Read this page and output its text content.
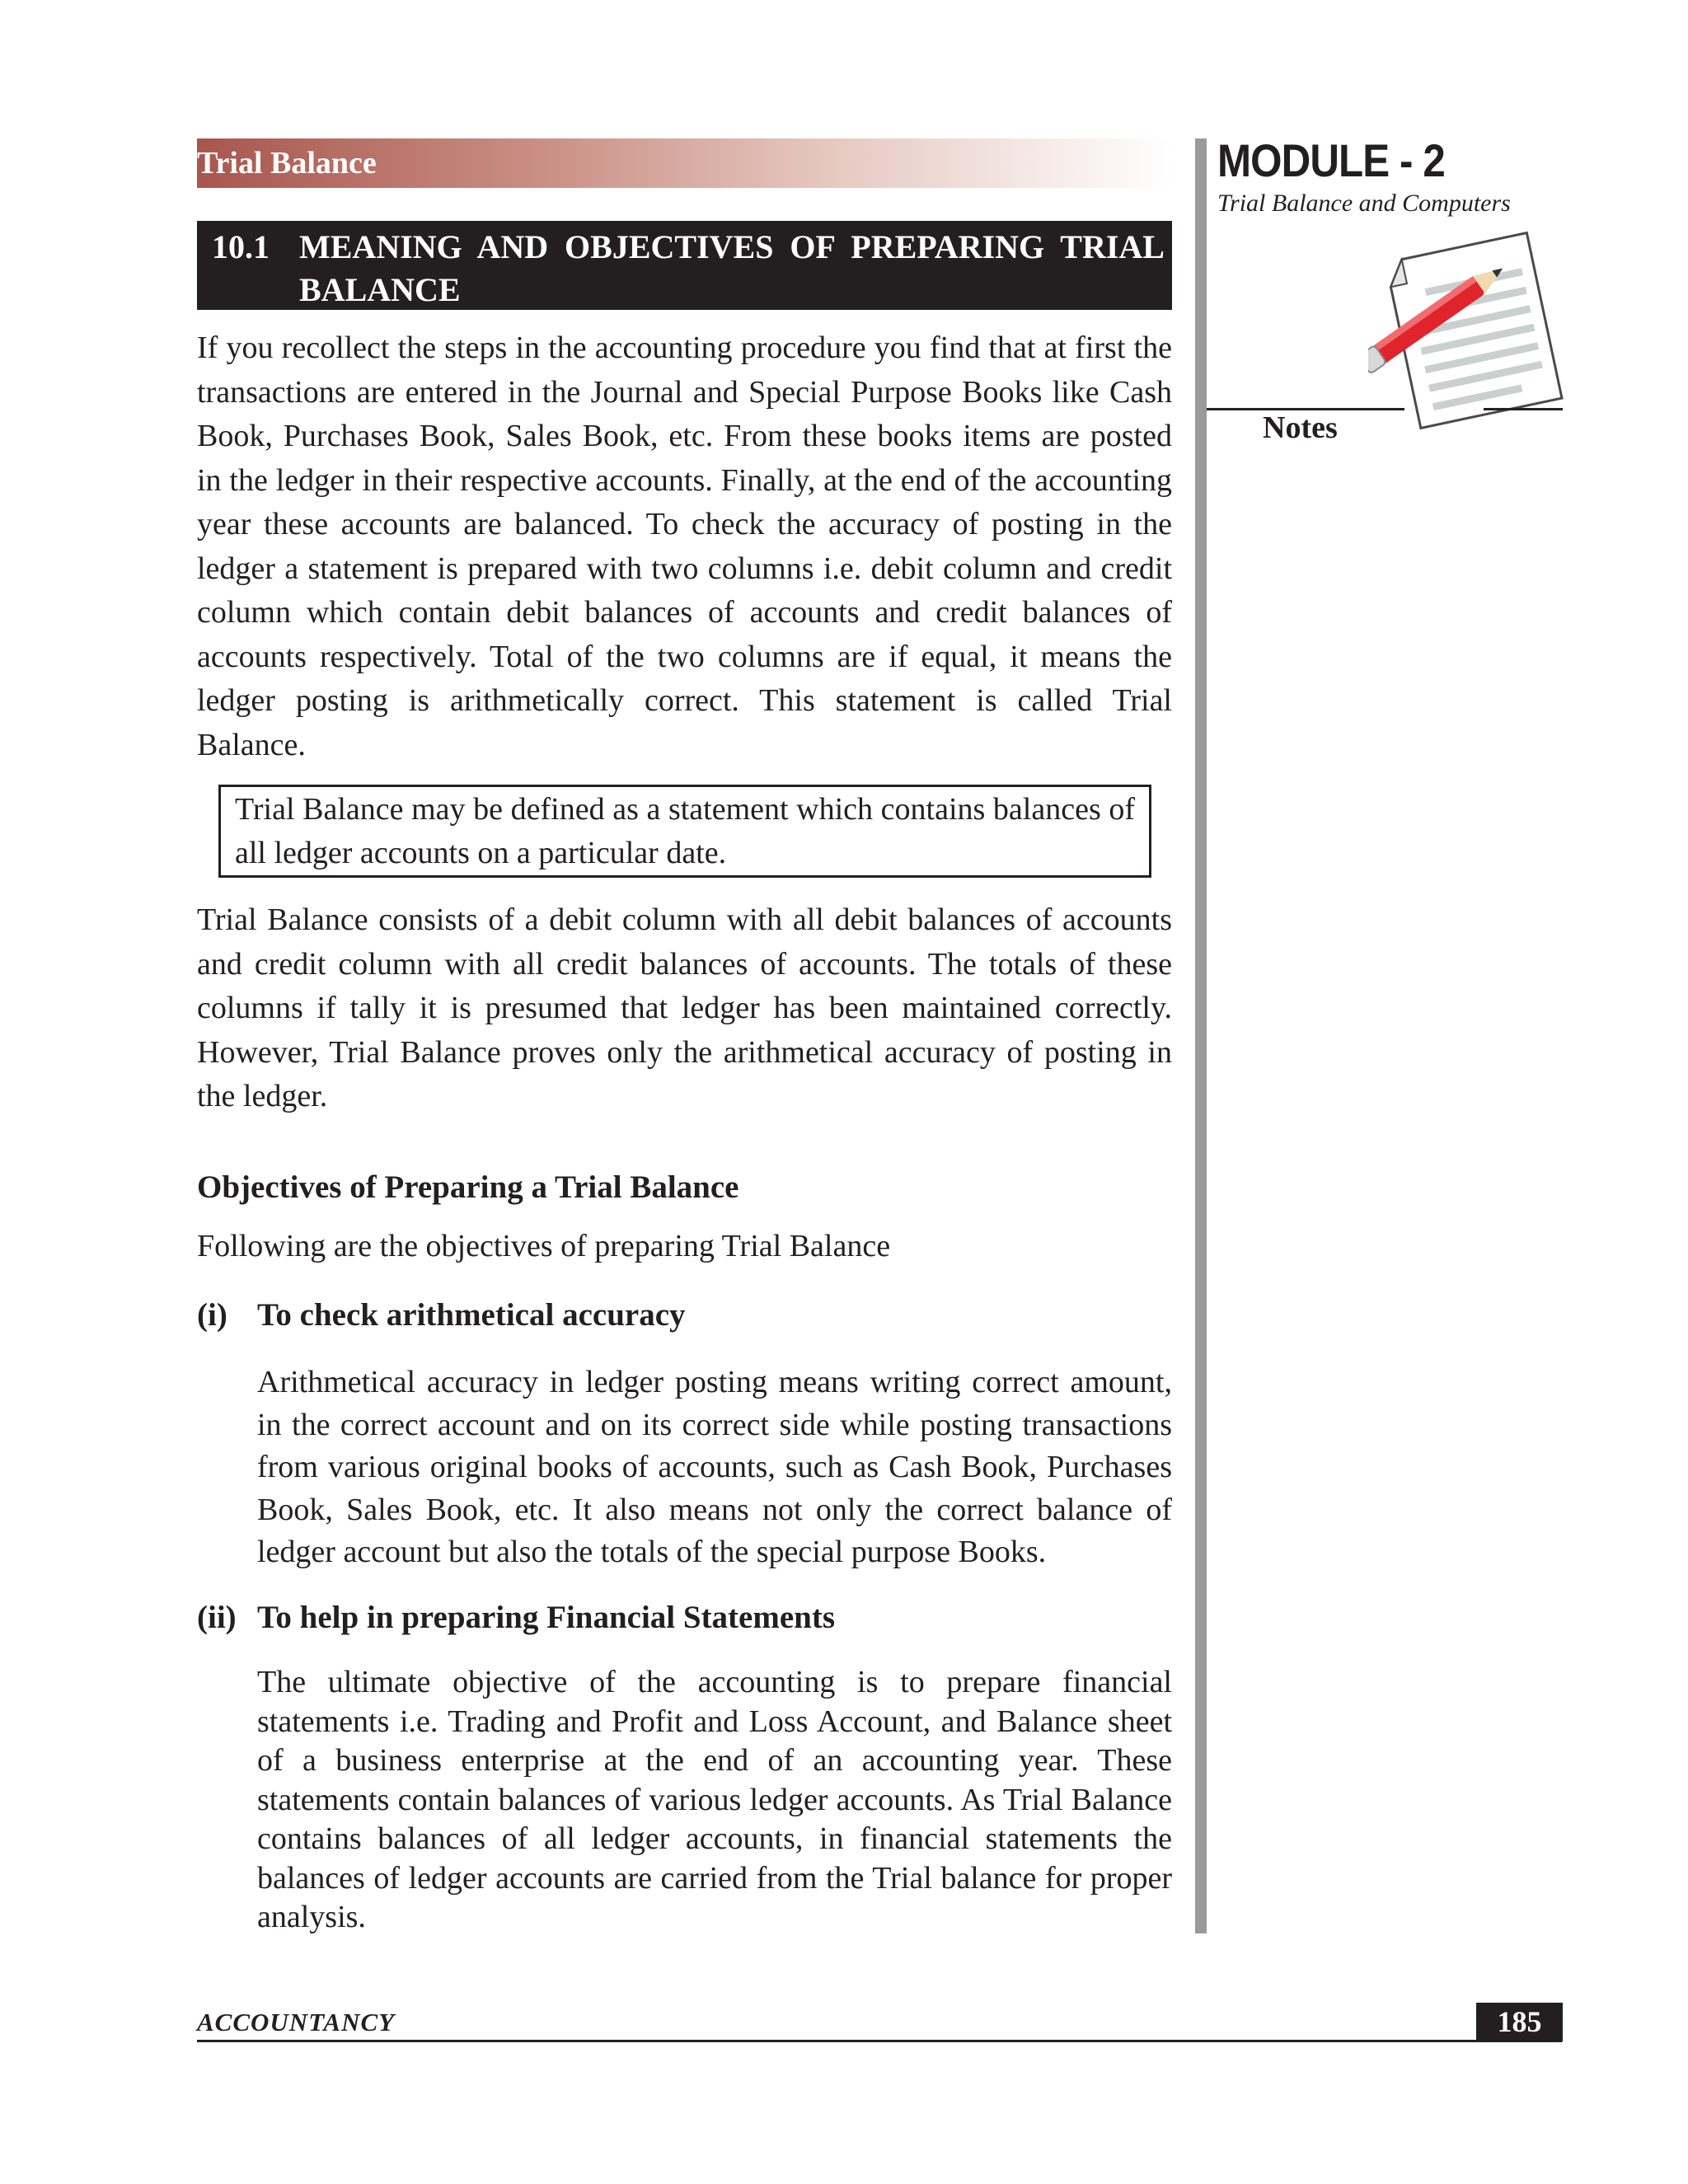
Trial Balance	MODULE - 2
Trial Balance and Computers
Notes
10.1 MEANING AND OBJECTIVES OF PREPARING TRIAL BALANCE
If you recollect the steps in the accounting procedure you find that at first the transactions are entered in the Journal and Special Purpose Books like Cash Book, Purchases Book, Sales Book, etc. From these books items are posted in the ledger in their respective accounts. Finally, at the end of the accounting year these accounts are balanced. To check the accuracy of posting in the ledger a statement is prepared with two columns i.e. debit column and credit column which contain debit balances of accounts and credit balances of accounts respectively. Total of the two columns are if equal, it means the ledger posting is arithmetically correct. This statement is called Trial Balance.
Trial Balance may be defined as a statement which contains balances of all ledger accounts on a particular date.
Trial Balance consists of a debit column with all debit balances of accounts and credit column with all credit balances of accounts. The totals of these columns if tally it is presumed that ledger has been maintained correctly. However, Trial Balance proves only the arithmetical accuracy of posting in the ledger.
Objectives of Preparing a Trial Balance
Following are the objectives of preparing Trial Balance
(i) To check arithmetical accuracy
Arithmetical accuracy in ledger posting means writing correct amount, in the correct account and on its correct side while posting transactions from various original books of accounts, such as Cash Book, Purchases Book, Sales Book, etc. It also means not only the correct balance of ledger account but also the totals of the special purpose Books.
(ii) To help in preparing Financial Statements
The ultimate objective of the accounting is to prepare financial statements i.e. Trading and Profit and Loss Account, and Balance sheet of a business enterprise at the end of an accounting year. These statements contain balances of various ledger accounts. As Trial Balance contains balances of all ledger accounts, in financial statements the balances of ledger accounts are carried from the Trial balance for proper analysis.
ACCOUNTANCY	185
